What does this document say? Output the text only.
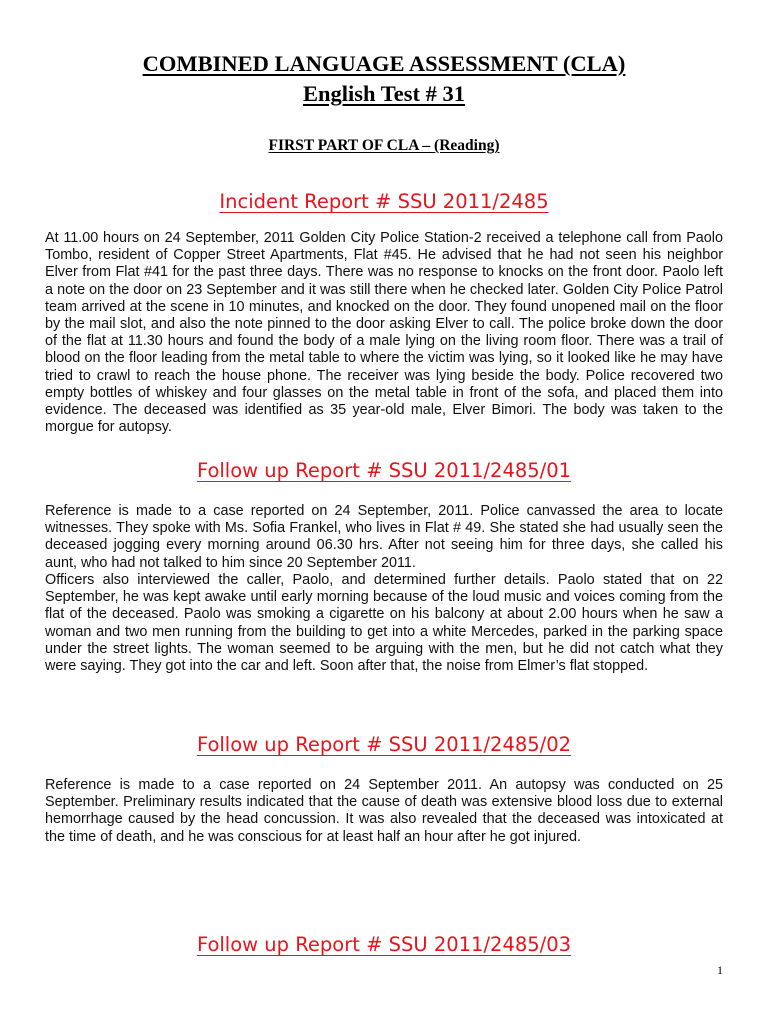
COMBINED LANGUAGE ASSESSMENT (CLA)
English Test # 31
FIRST PART OF CLA – (Reading)
Incident Report # SSU 2011/2485

At 11.00 hours on 24 September, 2011 Golden City Police Station-2 received a telephone call from Paolo Tombo, resident of Copper Street Apartments, Flat #45. He advised that he had not seen his neighbor Elver from Flat #41 for the past three days. There was no response to knocks on the front door. Paolo left a note on the door on 23 September and it was still there when he checked later. Golden City Police Patrol team arrived at the scene in 10 minutes, and knocked on the door. They found unopened mail on the floor by the mail slot, and also the note pinned to the door asking Elver to call. The police broke down the door of the flat at 11.30 hours and found the body of a male lying on the living room floor. There was a trail of blood on the floor leading from the metal table to where the victim was lying, so it looked like he may have tried to crawl to reach the house phone. The receiver was lying beside the body. Police recovered two empty bottles of whiskey and four glasses on the metal table in front of the sofa, and placed them into evidence. The deceased was identified as 35 year-old male, Elver Bimori. The body was taken to the morgue for autopsy.

Follow up Report # SSU 2011/2485/01

Reference is made to a case reported on 24 September, 2011. Police canvassed the area to locate witnesses. They spoke with Ms. Sofia Frankel, who lives in Flat # 49. She stated she had usually seen the deceased jogging every morning around 06.30 hrs. After not seeing him for three days, she called his aunt, who had not talked to him since 20 September 2011.

Officers also interviewed the caller, Paolo, and determined further details. Paolo stated that on 22 September, he was kept awake until early morning because of the loud music and voices coming from the flat of the deceased. Paolo was smoking a cigarette on his balcony at about 2.00 hours when he saw a woman and two men running from the building to get into a white Mercedes, parked in the parking space under the street lights. The woman seemed to be arguing with the men, but he did not catch what they were saying. They got into the car and left. Soon after that, the noise from Elmer’s flat stopped.

Follow up Report # SSU 2011/2485/02

Reference is made to a case reported on 24 September 2011. An autopsy was conducted on 25 September. Preliminary results indicated that the cause of death was extensive blood loss due to external hemorrhage caused by the head concussion. It was also revealed that the deceased was intoxicated at the time of death, and he was conscious for at least half an hour after he got injured.

Follow up Report # SSU 2011/2485/03
1
